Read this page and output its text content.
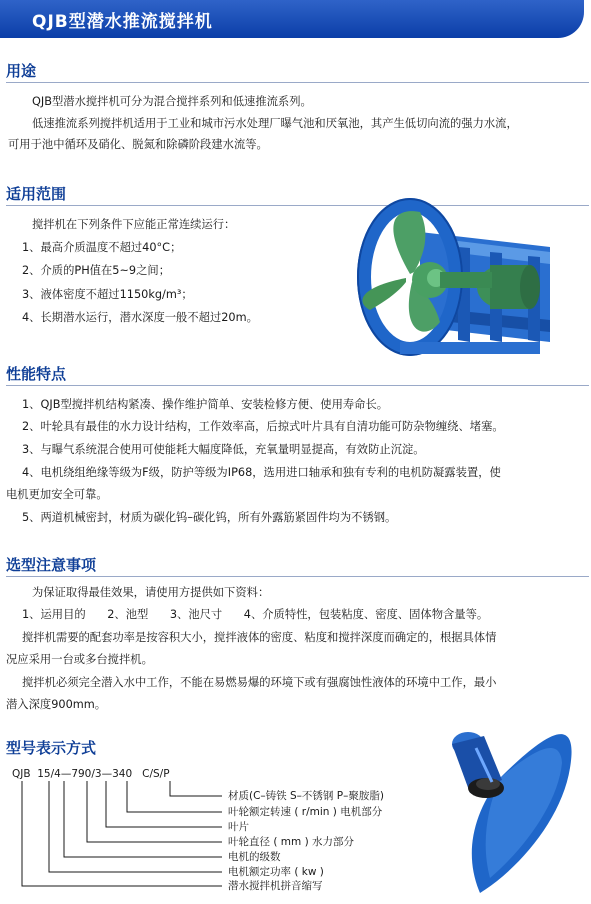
QJB型潜水推流搅拌机
用途
QJB型潜水搅拌机可分为混合搅拌系列和低速推流系列。
低速推流系列搅拌机适用于工业和城市污水处理厂曝气池和厌氧池，其产生低切向流的强力水流，
可用于池中循环及硝化、脱氮和除磷阶段建水流等。
适用范围
搅拌机在下列条件下应能正常连续运行：
1、最高介质温度不超过40°C；
2、介质的PH值在5~9之间；
3、液体密度不超过1150kg/m³；
4、长期潜水运行，潜水深度一般不超过20m。
性能特点
1、QJB型搅拌机结构紧凑、操作维护简单、安装检修方便、使用寿命长。
2、叶轮具有最佳的水力设计结构，工作效率高，后掠式叶片具有自清功能可防杂物缠绕、堵塞。
3、与曝气系统混合使用可使能耗大幅度降低，充氧量明显提高，有效防止沉淀。
4、电机绕组绝缘等级为F级，防护等级为IP68，选用进口轴承和独有专利的电机防凝露装置，使
电机更加安全可靠。
5、两道机械密封，材质为碳化钨–碳化钨，所有外露筋紧固件均为不锈钢。
选型注意事项
为保证取得最佳效果，请使用方提供如下资料：
1、运用目的      2、池型      3、池尺寸      4、介质特性，包装粘度、密度、固体物含量等。
搅拌机需要的配套功率是按容积大小，搅拌液体的密度、粘度和搅拌深度而确定的，根据具体情
况应采用一台或多台搅拌机。
搅拌机必须完全潜入水中工作，不能在易燃易爆的环境下或有强腐蚀性液体的环境中工作，最小
潜入深度900mm。
型号表示方式
QJB  15/4—790/3—340   C/S/P
材质(C–铸铁 S–不锈钢 P–聚胺脂)
叶轮额定转速 ( r/min ) 电机部分
叶片
叶轮直径 ( mm ) 水力部分
电机的级数
电机额定功率 ( kw )
潜水搅拌机拼音缩写
